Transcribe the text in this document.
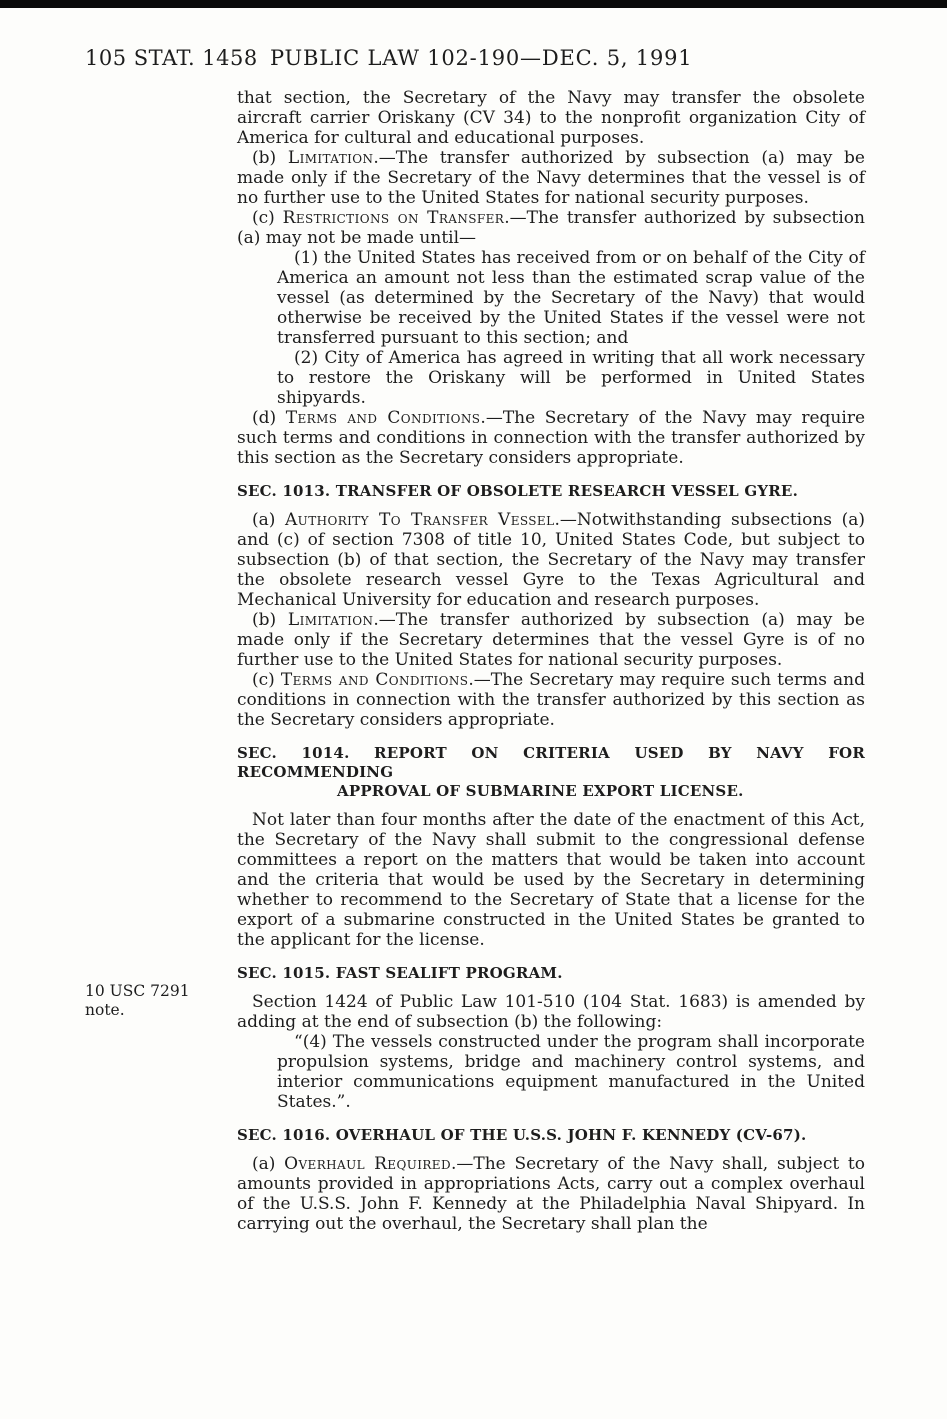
105 STAT. 1458 PUBLIC LAW 102-190—DEC. 5, 1991
10 USC 7291 note.
that section, the Secretary of the Navy may transfer the obsolete aircraft carrier Oriskany (CV 34) to the nonprofit organization City of America for cultural and educational purposes.
(b) Limitation.—The transfer authorized by subsection (a) may be made only if the Secretary of the Navy determines that the vessel is of no further use to the United States for national security purposes.
(c) Restrictions on Transfer.—The transfer authorized by subsection (a) may not be made until—
(1) the United States has received from or on behalf of the City of America an amount not less than the estimated scrap value of the vessel (as determined by the Secretary of the Navy) that would otherwise be received by the United States if the vessel were not transferred pursuant to this section; and
(2) City of America has agreed in writing that all work necessary to restore the Oriskany will be performed in United States shipyards.
(d) Terms and Conditions.—The Secretary of the Navy may require such terms and conditions in connection with the transfer authorized by this section as the Secretary considers appropriate.
SEC. 1013. TRANSFER OF OBSOLETE RESEARCH VESSEL GYRE.
(a) Authority To Transfer Vessel.—Notwithstanding subsections (a) and (c) of section 7308 of title 10, United States Code, but subject to subsection (b) of that section, the Secretary of the Navy may transfer the obsolete research vessel Gyre to the Texas Agricultural and Mechanical University for education and research purposes.
(b) Limitation.—The transfer authorized by subsection (a) may be made only if the Secretary determines that the vessel Gyre is of no further use to the United States for national security purposes.
(c) Terms and Conditions.—The Secretary may require such terms and conditions in connection with the transfer authorized by this section as the Secretary considers appropriate.
SEC. 1014. REPORT ON CRITERIA USED BY NAVY FOR RECOMMENDING
APPROVAL OF SUBMARINE EXPORT LICENSE.
Not later than four months after the date of the enactment of this Act, the Secretary of the Navy shall submit to the congressional defense committees a report on the matters that would be taken into account and the criteria that would be used by the Secretary in determining whether to recommend to the Secretary of State that a license for the export of a submarine constructed in the United States be granted to the applicant for the license.
SEC. 1015. FAST SEALIFT PROGRAM.
Section 1424 of Public Law 101-510 (104 Stat. 1683) is amended by adding at the end of subsection (b) the following:
“(4) The vessels constructed under the program shall incorporate propulsion systems, bridge and machinery control systems, and interior communications equipment manufactured in the United States.”.
SEC. 1016. OVERHAUL OF THE U.S.S. JOHN F. KENNEDY (CV-67).
(a) Overhaul Required.—The Secretary of the Navy shall, subject to amounts provided in appropriations Acts, carry out a complex overhaul of the U.S.S. John F. Kennedy at the Philadelphia Naval Shipyard. In carrying out the overhaul, the Secretary shall plan the
